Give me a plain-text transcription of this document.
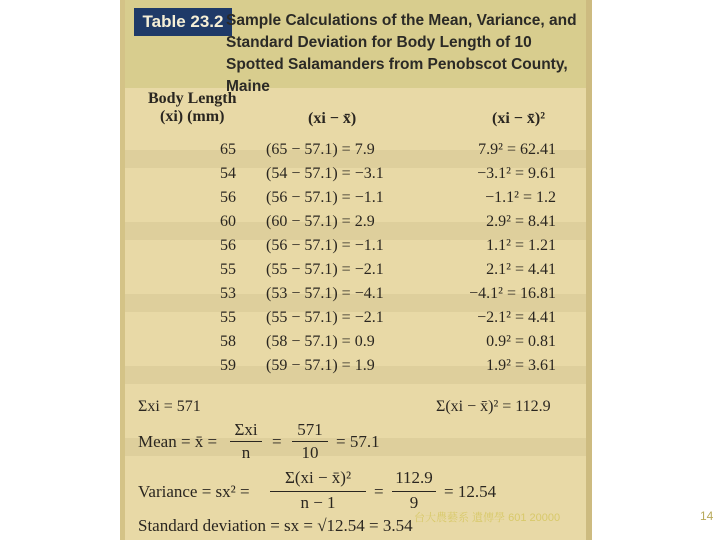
Table 23.2 Sample Calculations of the Mean, Variance, and Standard Deviation for Body Length of 10 Spotted Salamanders from Penobscot County, Maine
Body Length
(xi) (mm)	(xi − x̄)	(xi − x̄)²
65 (65 − 57.1) = 7.9	7.9² = 62.41
54 (54 − 57.1) = −3.1	−3.1² = 9.61
56 (56 − 57.1) = −1.1	−1.1² = 1.2
60 (60 − 57.1) = 2.9	2.9² = 8.41
56 (56 − 57.1) = −1.1	1.1² = 1.21
55 (55 − 57.1) = −2.1	2.1² = 4.41
53 (53 − 57.1) = −4.1	−4.1² = 16.81
55 (55 − 57.1) = −2.1	−2.1² = 4.41
58 (58 − 57.1) = 0.9	0.9² = 0.81
59 (59 − 57.1) = 1.9	1.9² = 3.61
Σxi = 571	Σ(xi − x̄)² = 112.9
Mean = x̄ =
Σxi
n
=
571
10
= 57.1
Variance = sx² =
Σ(xi − x̄)²
n − 1
=
112.9
9
= 12.54
Standard deviation = sx = √12.54 = 3.54 台大農藝系 遺傳學 601 20000	14
